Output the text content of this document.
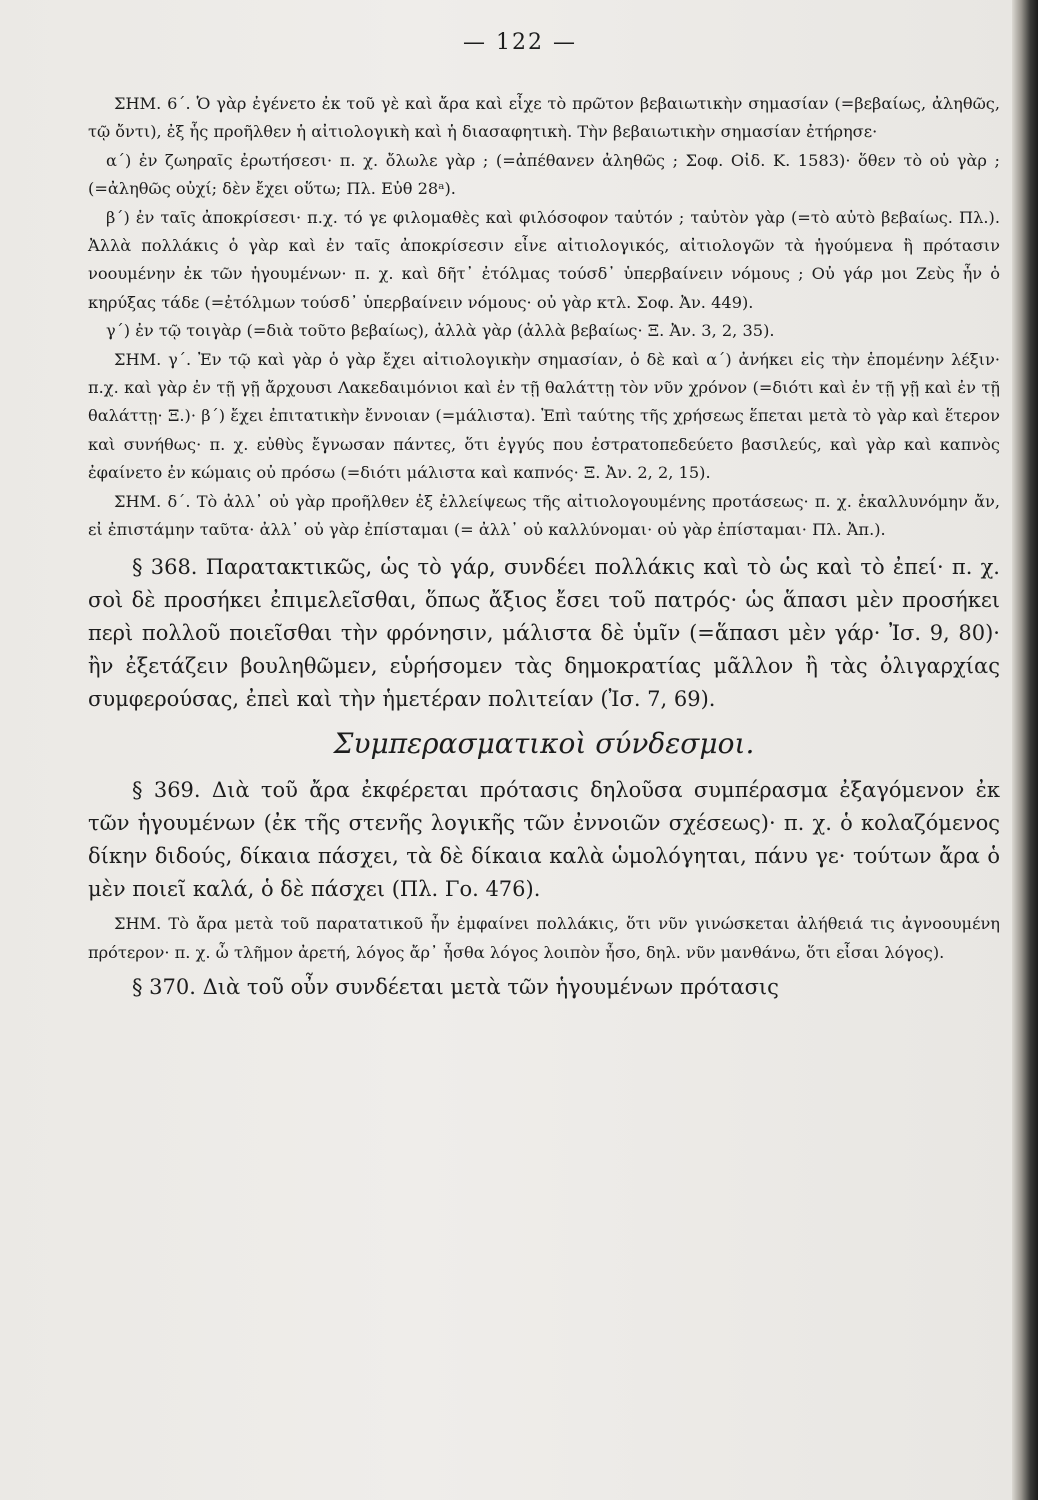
— 122 —

ΣΗΜ. 6΄. Ὁ γὰρ ἐγένετο ἐκ τοῦ γὲ καὶ ἄρα καὶ εἶχε τὸ πρῶτον βεβαιωτικὴν σημασίαν (=βεβαίως, ἀληθῶς, τῷ ὄντι), ἐξ ἧς προῆλθεν ἡ αἰτιολογικὴ καὶ ἡ διασαφητικὴ. Τὴν βεβαιωτικὴν σημασίαν ἐτήρησε·

α΄) ἐν ζωηραῖς ἐρωτήσεσι· π. χ. ὄλωλε γὰρ ; (=ἀπέθανεν ἀληθῶς ; Σοφ. Οἰδ. Κ. 1583)· ὅθεν τὸ οὐ γὰρ ; (=ἀληθῶς οὐχί; δὲν ἔχει οὕτω; Πλ. Εὐθ 28ᵃ).

β΄) ἐν ταῖς ἀποκρίσεσι· π.χ. τό γε φιλομαθὲς καὶ φιλόσοφον ταὐτόν ; ταὐτὸν γὰρ (=τὸ αὐτὸ βεβαίως. Πλ.). Ἀλλὰ πολλάκις ὁ γὰρ καὶ ἐν ταῖς ἀποκρίσεσιν εἶνε αἰτιολογικός, αἰτιολογῶν τὰ ἡγούμενα ἢ πρότασιν νοουμένην ἐκ τῶν ἡγουμένων· π. χ. καὶ δῆτ᾽ ἐτόλμας τούσδ᾽ ὑπερβαίνειν νόμους ; Οὐ γάρ μοι Ζεὺς ἦν ὁ κηρύξας τάδε (=ἐτόλμων τούσδ᾽ ὑπερβαίνειν νόμους· οὐ γὰρ κτλ. Σοφ. Ἀν. 449).

γ΄) ἐν τῷ τοιγὰρ (=διὰ τοῦτο βεβαίως), ἀλλὰ γὰρ (ἀλλὰ βεβαίως· Ξ. Ἀν. 3, 2, 35).

ΣΗΜ. γ΄. Ἐν τῷ καὶ γὰρ ὁ γὰρ ἔχει αἰτιολογικὴν σημασίαν, ὁ δὲ καὶ α΄) ἀνήκει εἰς τὴν ἑπομένην λέξιν· π.χ. καὶ γὰρ ἐν τῇ γῇ ἄρχουσι Λακεδαιμόνιοι καὶ ἐν τῇ θαλάττῃ τὸν νῦν χρόνον (=διότι καὶ ἐν τῇ γῇ καὶ ἐν τῇ θαλάττῃ· Ξ.)· β΄) ἔχει ἐπιτατικὴν ἔννοιαν (=μάλιστα). Ἐπὶ ταύτης τῆς χρήσεως ἕπεται μετὰ τὸ γὰρ καὶ ἕτερον καὶ συνήθως· π. χ. εὐθὺς ἔγνωσαν πάντες, ὅτι ἐγγύς που ἐστρατοπεδεύετο βασιλεύς, καὶ γὰρ καὶ καπνὸς ἐφαίνετο ἐν κώμαις οὐ πρόσω (=διότι μάλιστα καὶ καπνός· Ξ. Ἀν. 2, 2, 15).

ΣΗΜ. δ΄. Τὸ ἀλλ᾽ οὐ γὰρ προῆλθεν ἐξ ἐλλείψεως τῆς αἰτιολογουμένης προτάσεως· π. χ. ἐκαλλυνόμην ἄν, εἰ ἐπιστάμην ταῦτα· ἀλλ᾽ οὐ γὰρ ἐπίσταμαι (= ἀλλ᾽ οὐ καλλύνομαι· οὐ γὰρ ἐπίσταμαι· Πλ. Ἀπ.).

§ 368. Παρατακτικῶς, ὡς τὸ γάρ, συνδέει πολλάκις καὶ τὸ ὡς καὶ τὸ ἐπεί· π. χ. σοὶ δὲ προσήκει ἐπιμελεῖσθαι, ὅπως ἄξιος ἔσει τοῦ πατρός· ὡς ἅπασι μὲν προσήκει περὶ πολλοῦ ποιεῖσθαι τὴν φρόνησιν, μάλιστα δὲ ὑμῖν (=ἅπασι μὲν γάρ· Ἰσ. 9, 80)· ἢν ἐξετάζειν βουληθῶμεν, εὑρήσομεν τὰς δημοκρατίας μᾶλλον ἢ τὰς ὀλιγαρχίας συμφερούσας, ἐπεὶ καὶ τὴν ἡμετέραν πολιτείαν (Ἰσ. 7, 69).

Συμπερασματικοὶ σύνδεσμοι.

§ 369. Διὰ τοῦ ἄρα ἐκφέρεται πρότασις δηλοῦσα συμπέρασμα ἐξαγόμενον ἐκ τῶν ἡγουμένων (ἐκ τῆς στενῆς λογικῆς τῶν ἐννοιῶν σχέσεως)· π. χ. ὁ κολαζόμενος δίκην διδούς, δίκαια πάσχει, τὰ δὲ δίκαια καλὰ ὡμολόγηται, πάνυ γε· τούτων ἄρα ὁ μὲν ποιεῖ καλά, ὁ δὲ πάσχει (Πλ. Γο. 476).

ΣΗΜ. Τὸ ἄρα μετὰ τοῦ παρατατικοῦ ἦν ἐμφαίνει πολλάκις, ὅτι νῦν γινώσκεται ἀλήθειά τις ἀγνοουμένη πρότερον· π. χ. ὦ τλῆμον ἀρετή, λόγος ἄρ᾽ ἦσθα λόγος λοιπὸν ἦσο, δηλ. νῦν μανθάνω, ὅτι εἶσαι λόγος).

§ 370. Διὰ τοῦ οὖν συνδέεται μετὰ τῶν ἡγουμένων πρότασις
